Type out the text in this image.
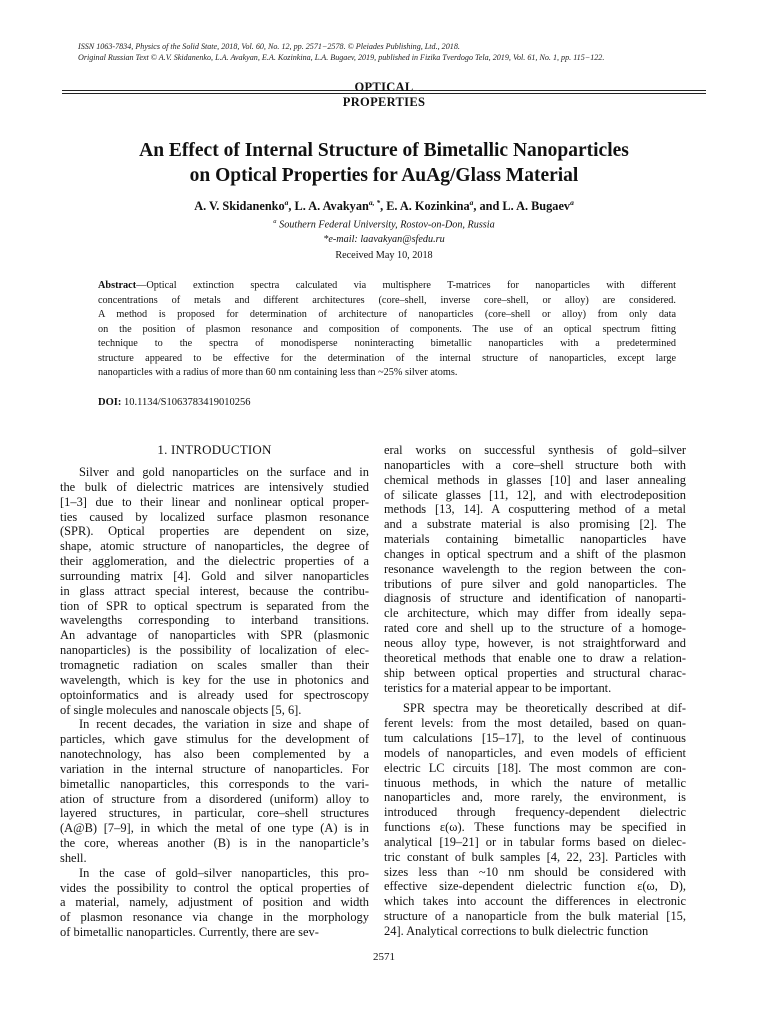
ISSN 1063-7834, Physics of the Solid State, 2018, Vol. 60, No. 12, pp. 2571−2578. © Pleiades Publishing, Ltd., 2018.
Original Russian Text © A.V. Skidanenko, L.A. Avakyan, E.A. Kozinkina, L.A. Bugaev, 2019, published in Fizika Tverdogo Tela, 2019, Vol. 61, No. 1, pp. 115−122.
OPTICAL
PROPERTIES
An Effect of Internal Structure of Bimetallic Nanoparticles
on Optical Properties for AuAg/Glass Material
A. V. Skidanenko$^a$, L. A. Avakyan$^{a, *}$, E. A. Kozinkina$^a$, and L. A. Bugaev$^a$
$^a$ Southern Federal University, Rostov-on-Don, Russia
*e-mail: laavakyan@sfedu.ru
Received May 10, 2018
Abstract—Optical extinction spectra calculated via multisphere T-matrices for nanoparticles with different
concentrations of metals and different architectures (core–shell, inverse core–shell, or alloy) are considered.
A method is proposed for determination of architecture of nanoparticles (core–shell or alloy) from only data
on the position of plasmon resonance and composition of components. The use of an optical spectrum fitting
technique to the spectra of monodisperse noninteracting bimetallic nanoparticles with a predetermined
structure appeared to be effective for the determination of the internal structure of nanoparticles, except large
nanoparticles with a radius of more than 60 nm containing less than ~25% silver atoms.
DOI: 10.1134/S1063783419010256
1. INTRODUCTION
Silver and gold nanoparticles on the surface and in
the bulk of dielectric matrices are intensively studied
[1–3] due to their linear and nonlinear optical proper-
ties caused by localized surface plasmon resonance
(SPR). Optical properties are dependent on size,
shape, atomic structure of nanoparticles, the degree of
their agglomeration, and the dielectric properties of a
surrounding matrix [4]. Gold and silver nanoparticles
in glass attract special interest, because the contribu-
tion of SPR to optical spectrum is separated from the
wavelengths corresponding to interband transitions.
An advantage of nanoparticles with SPR (plasmonic
nanoparticles) is the possibility of localization of elec-
tromagnetic radiation on scales smaller than their
wavelength, which is key for the use in photonics and
optoinformatics and is already used for spectroscopy
of single molecules and nanoscale objects [5, 6].
In recent decades, the variation in size and shape of
particles, which gave stimulus for the development of
nanotechnology, has also been complemented by a
variation in the internal structure of nanoparticles. For
bimetallic nanoparticles, this corresponds to the vari-
ation of structure from a disordered (uniform) alloy to
layered structures, in particular, core–shell structures
(A@B) [7–9], in which the metal of one type (A) is in
the core, whereas another (B) is in the nanoparticle’s
shell.
In the case of gold–silver nanoparticles, this pro-
vides the possibility to control the optical properties of
a material, namely, adjustment of position and width
of plasmon resonance via change in the morphology
of bimetallic nanoparticles. Currently, there are sev-
eral works on successful synthesis of gold–silver
nanoparticles with a core–shell structure both with
chemical methods in glasses [10] and laser annealing
of silicate glasses [11, 12], and with electrodeposition
methods [13, 14]. A cosputtering method of a metal
and a substrate material is also promising [2]. The
materials containing bimetallic nanoparticles have
changes in optical spectrum and a shift of the plasmon
resonance wavelength to the region between the con-
tributions of pure silver and gold nanoparticles. The
diagnosis of structure and identification of nanoparti-
cle architecture, which may differ from ideally sepa-
rated core and shell up to the structure of a homoge-
neous alloy type, however, is not straightforward and
theoretical methods that enable one to draw a relation-
ship between optical properties and structural charac-
teristics for a material appear to be important.
SPR spectra may be theoretically described at dif-
ferent levels: from the most detailed, based on quan-
tum calculations [15–17], to the level of continuous
models of nanoparticles, and even models of efficient
electric LC circuits [18]. The most common are con-
tinuous methods, in which the nature of metallic
nanoparticles and, more rarely, the environment, is
introduced through frequency-dependent dielectric
functions ε(ω). These functions may be specified in
analytical [19–21] or in tabular forms based on dielec-
tric constant of bulk samples [4, 22, 23]. Particles with
sizes less than ~10 nm should be considered with
effective size-dependent dielectric function ε(ω, D),
which takes into account the differences in electronic
structure of a nanoparticle from the bulk material [15,
24]. Analytical corrections to bulk dielectric function
2571
